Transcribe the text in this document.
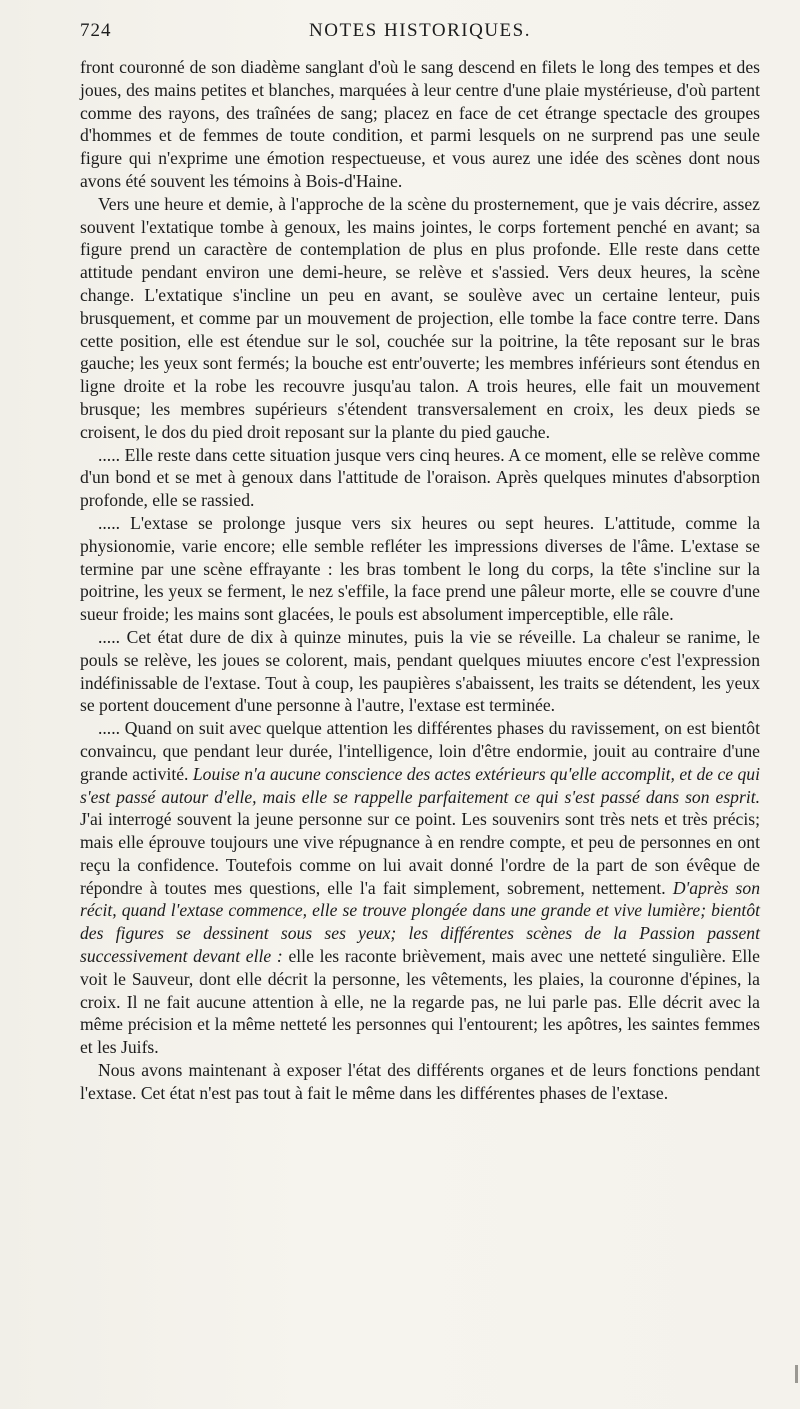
724	NOTES HISTORIQUES.

front couronné de son diadème sanglant d'où le sang descend en filets le long des tempes et des joues, des mains petites et blanches, marquées à leur centre d'une plaie mystérieuse, d'où partent comme des rayons, des traînées de sang; placez en face de cet étrange spectacle des groupes d'hommes et de femmes de toute condition, et parmi lesquels on ne surprend pas une seule figure qui n'exprime une émotion respectueuse, et vous aurez une idée des scènes dont nous avons été souvent les témoins à Bois-d'Haine.

Vers une heure et demie, à l'approche de la scène du prosternement, que je vais décrire, assez souvent l'extatique tombe à genoux, les mains jointes, le corps fortement penché en avant; sa figure prend un caractère de contemplation de plus en plus profonde. Elle reste dans cette attitude pendant environ une demi-heure, se relève et s'assied. Vers deux heures, la scène change. L'extatique s'incline un peu en avant, se soulève avec un certaine lenteur, puis brusquement, et comme par un mouvement de projection, elle tombe la face contre terre. Dans cette position, elle est étendue sur le sol, couchée sur la poitrine, la tête reposant sur le bras gauche; les yeux sont fermés; la bouche est entr'ouverte; les membres inférieurs sont étendus en ligne droite et la robe les recouvre jusqu'au talon. A trois heures, elle fait un mouvement brusque; les membres supérieurs s'étendent transversalement en croix, les deux pieds se croisent, le dos du pied droit reposant sur la plante du pied gauche.

..... Elle reste dans cette situation jusque vers cinq heures. A ce moment, elle se relève comme d'un bond et se met à genoux dans l'attitude de l'oraison. Après quelques minutes d'absorption profonde, elle se rassied.

..... L'extase se prolonge jusque vers six heures ou sept heures. L'attitude, comme la physionomie, varie encore; elle semble refléter les impressions diverses de l'âme. L'extase se termine par une scène effrayante : les bras tombent le long du corps, la tête s'incline sur la poitrine, les yeux se ferment, le nez s'effile, la face prend une pâleur morte, elle se couvre d'une sueur froide; les mains sont glacées, le pouls est absolument imperceptible, elle râle.

..... Cet état dure de dix à quinze minutes, puis la vie se réveille. La chaleur se ranime, le pouls se relève, les joues se colorent, mais, pendant quelques miuutes encore c'est l'expression indéfinissable de l'extase. Tout à coup, les paupières s'abaissent, les traits se détendent, les yeux se portent doucement d'une personne à l'autre, l'extase est terminée.

..... Quand on suit avec quelque attention les différentes phases du ravissement, on est bientôt convaincu, que pendant leur durée, l'intelligence, loin d'être endormie, jouit au contraire d'une grande activité. Louise n'a aucune conscience des actes extérieurs qu'elle accomplit, et de ce qui s'est passé autour d'elle, mais elle se rappelle parfaitement ce qui s'est passé dans son esprit. J'ai interrogé souvent la jeune personne sur ce point. Les souvenirs sont très nets et très précis; mais elle éprouve toujours une vive répugnance à en rendre compte, et peu de personnes en ont reçu la confidence. Toutefois comme on lui avait donné l'ordre de la part de son évêque de répondre à toutes mes questions, elle l'a fait simplement, sobrement, nettement. D'après son récit, quand l'extase commence, elle se trouve plongée dans une grande et vive lumière; bientôt des figures se dessinent sous ses yeux; les différentes scènes de la Passion passent successivement devant elle : elle les raconte brièvement, mais avec une netteté singulière. Elle voit le Sauveur, dont elle décrit la personne, les vêtements, les plaies, la couronne d'épines, la croix. Il ne fait aucune attention à elle, ne la regarde pas, ne lui parle pas. Elle décrit avec la même précision et la même netteté les personnes qui l'entourent; les apôtres, les saintes femmes et les Juifs.

Nous avons maintenant à exposer l'état des différents organes et de leurs fonctions pendant l'extase. Cet état n'est pas tout à fait le même dans les différentes phases de l'extase.
